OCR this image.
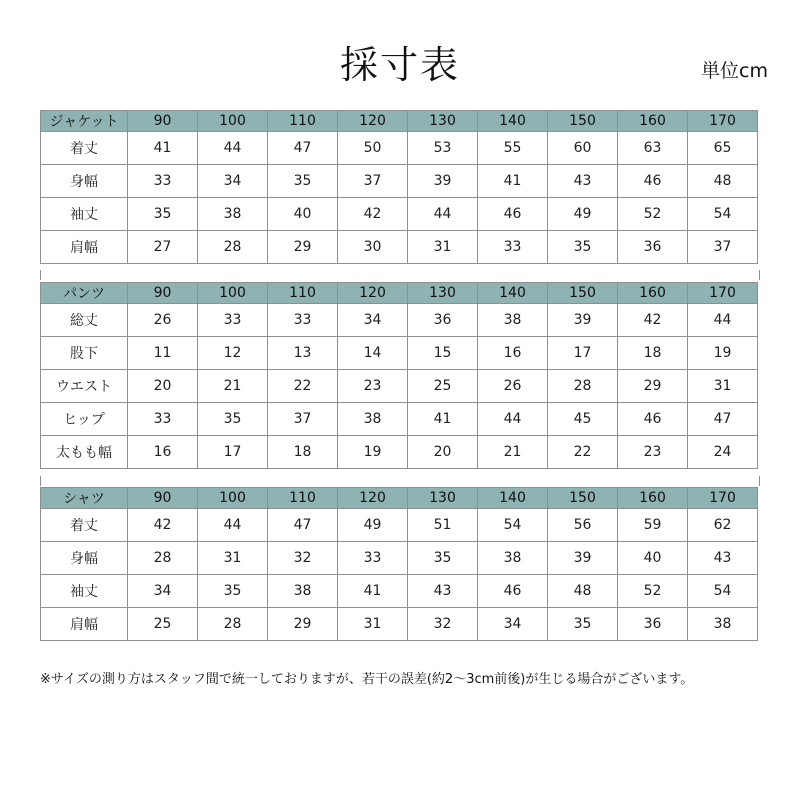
採寸表	単位cm
ジャケット	90	100	110	120	130	140	150	160	170
着丈	41	44	47	50	53	55	60	63	65
身幅	33	34	35	37	39	41	43	46	48
袖丈	35	38	40	42	44	46	49	52	54
肩幅	27	28	29	30	31	33	35	36	37
パンツ	90	100	110	120	130	140	150	160	170
総丈	26	33	33	34	36	38	39	42	44
股下	11	12	13	14	15	16	17	18	19
ウエスト	20	21	22	23	25	26	28	29	31
ヒップ	33	35	37	38	41	44	45	46	47
太もも幅	16	17	18	19	20	21	22	23	24
シャツ	90	100	110	120	130	140	150	160	170
着丈	42	44	47	49	51	54	56	59	62
身幅	28	31	32	33	35	38	39	40	43
袖丈	34	35	38	41	43	46	48	52	54
肩幅	25	28	29	31	32	34	35	36	38
※サイズの測り方はスタッフ間で統一しておりますが、若干の誤差(約2〜3cm前後)が生じる場合がございます。
